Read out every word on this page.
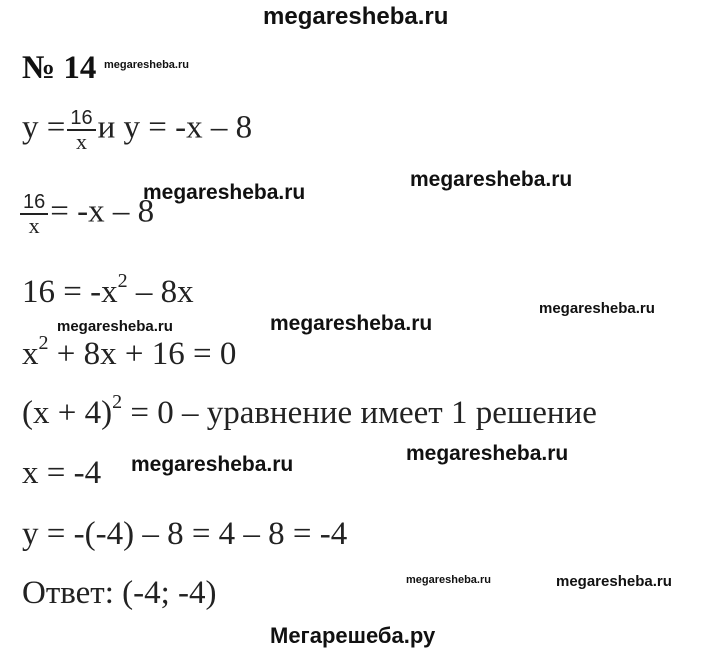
megaresheba.ru
№ 14 megaresheba.ru
$y = \frac{16}{x}$ и y = -x – 8
megaresheba.ru
megaresheba.ru
$\frac{16}{x} = -x - 8$
$16 = -x^2 - 8x$	megaresheba.ru
megaresheba.ru	megaresheba.ru
$x^2 + 8x + 16 = 0$
$(x + 4)^2 = 0$ – уравнение имеет 1 решение
x = -4 megaresheba.ru	megaresheba.ru
y = -(-4) – 8 = 4 – 8 = -4
Ответ: (-4; -4)	megaresheba.ru	megaresheba.ru
Мегарешеба.ру
